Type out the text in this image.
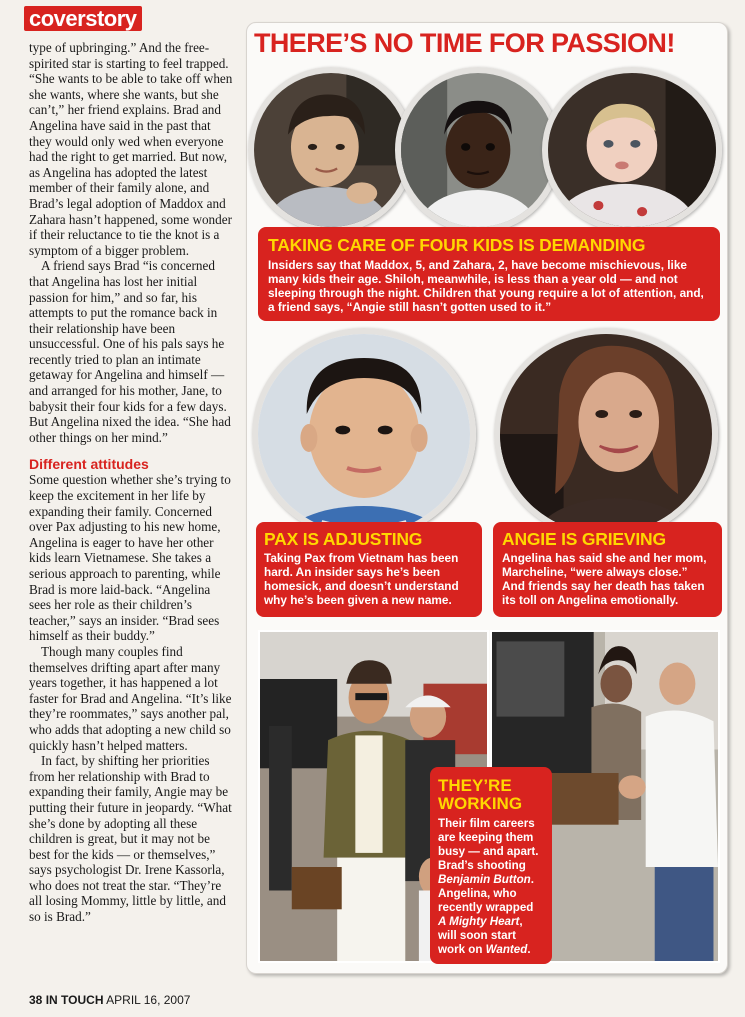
coverstory

type of upbringing.” And the free-spirited star is starting to feel trapped. “She wants to be able to take off when she wants, where she wants, but she can’t,” her friend explains. Brad and Angelina have said in the past that they would only wed when everyone had the right to get married. But now, as Angelina has adopted the latest member of their family alone, and Brad’s legal adoption of Maddox and Zahara hasn’t happened, some wonder if their reluctance to tie the knot is a symptom of a bigger problem.

A friend says Brad “is concerned that Angelina has lost her initial passion for him,” and so far, his attempts to put the romance back in their relationship have been unsuccessful. One of his pals says he recently tried to plan an intimate getaway for Angelina and himself — and arranged for his mother, Jane, to babysit their four kids for a few days. But Angelina nixed the idea. “She had other things on her mind.”

Different attitudes

Some question whether she’s trying to keep the excitement in her life by expanding their family. Concerned over Pax adjusting to his new home, Angelina is eager to have her other kids learn Vietnamese. She takes a serious approach to parenting, while Brad is more laid-back. “Angelina sees her role as their children’s teacher,” says an insider. “Brad sees himself as their buddy.”

Though many couples find themselves drifting apart after many years together, it has happened a lot faster for Brad and Angelina. “It’s like they’re roommates,” says another pal, who adds that adopting a new child so quickly hasn’t helped matters.

In fact, by shifting her priorities from her relationship with Brad to expanding their family, Angie may be putting their future in jeopardy. “What she’s done by adopting all these children is great, but it may not be best for the kids — or themselves,” says psychologist Dr. Irene Kassorla, who does not treat the star. “They’re all losing Mommy, little by little, and so is Brad.”

38 IN TOUCH APRIL 16, 2007
THERE’S NO TIME FOR PASSION!
TAKING CARE OF FOUR KIDS IS DEMANDING
Insiders say that Maddox, 5, and Zahara, 2, have become mischievous, like many kids their age. Shiloh, meanwhile, is less than a year old — and not sleeping through the night. Children that young require a lot of attention, and, a friend says, “Angie still hasn’t gotten used to it.”
PAX IS ADJUSTING
Taking Pax from Vietnam has been hard. An insider says he’s been homesick, and doesn’t understand why he’s been given a new name.
ANGIE IS GRIEVING
Angelina has said she and her mom, Marcheline, “were always close.” And friends say her death has taken its toll on Angelina emotionally.
THEY’RE WORKING
Their film careers are keeping them busy — and apart. Brad’s shooting Benjamin Button. Angelina, who recently wrapped A Mighty Heart, will soon start work on Wanted.
